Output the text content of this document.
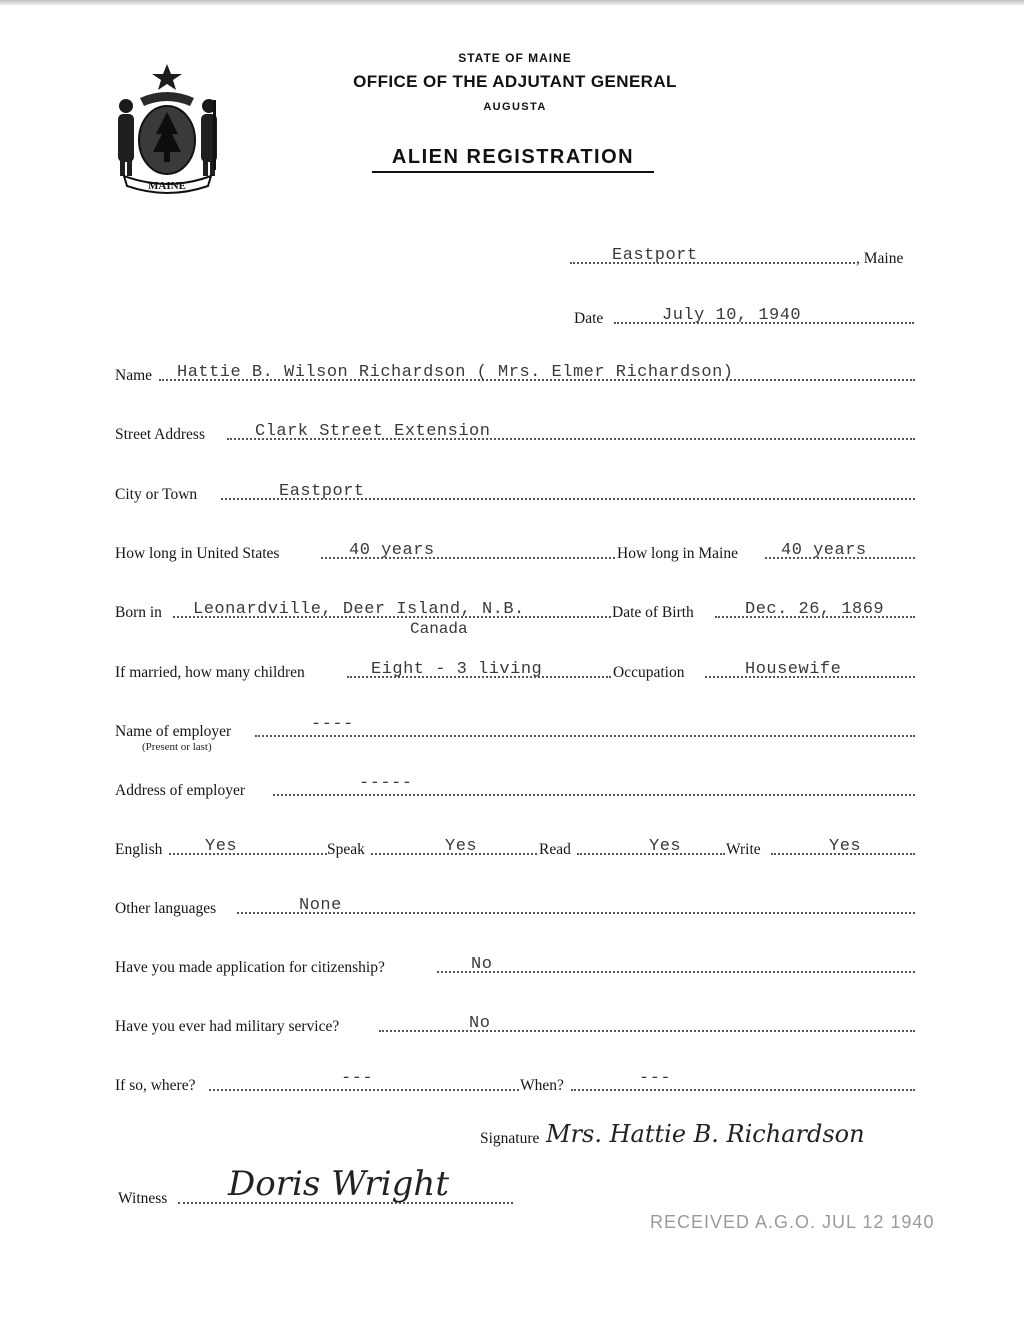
MAINE
STATE OF MAINE
OFFICE OF THE ADJUTANT GENERAL
AUGUSTA
ALIEN REGISTRATION
Eastport	, Maine
Date	July 10, 1940
Name Hattie B. Wilson Richardson ( Mrs. Elmer Richardson)
Street Address	Clark Street Extension
City or Town	Eastport
How long in United States	40 years	How long in Maine	40 years
Born in Leonardville, Deer Island, N.B.	Date of Birth	Dec. 26, 1869
Canada
If married, how many children	Eight - 3 living	Occupation	Housewife
Name of employer	----
(Present or last)
Address of employer	-----
English	Yes	Speak	Yes	Read	Yes	Write	Yes
Other languages	None
Have you made application for citizenship?	No
Have you ever had military service?	No
If so, where?	---	When?	---
Signature Mrs. Hattie B. Richardson
Witness Doris Wright
RECEIVED A.G.O. JUL 12 1940
